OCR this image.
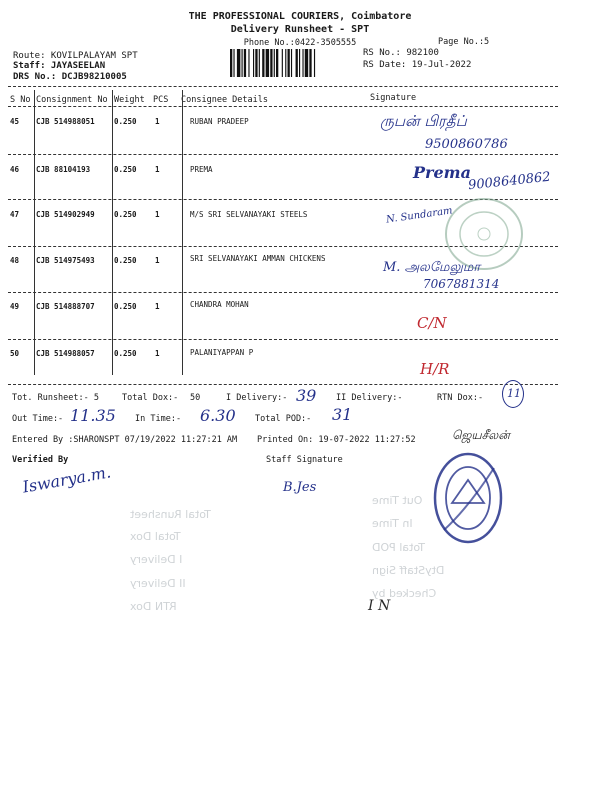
THE PROFESSIONAL COURIERS, Coimbatore
Delivery Runsheet - SPT
Phone No.:0422-3505555	Page No.:5
Route: KOVILPALAYAM SPT
Staff: JAYASEELAN
DRS No.: DCJB98210005
RS No.: 982100
RS Date: 19-Jul-2022
S No Consignment No Weight PCS Consignee Details	Signature
45 CJB 514988051	0.250 1	RUBAN PRADEEP	ருபன் பிரதீப்
9500860786
46 CJB 88104193	0.250 1	PREMA	Prema
9008640862
47 CJB 514902949	0.250 1	M/S SRI SELVANAYAKI STEELS	N. Sundaram
48 CJB 514975493	0.250 1	SRI SELVANAYAKI AMMAN CHICKENS
M. அலமேலுமா
7067881314
49 CJB 514888707	0.250 1	CHANDRA MOHAN
C/N
50 CJB 514988057	0.250 1	PALANIYAPPAN P
H/R
Tot. Runsheet:- 5	Total Dox:- 50	I Delivery:- 39 II Delivery:-	RTN Dox:- 11
Out Time:- 11.35 In Time:- 6.30 Total POD:- 31
Entered By :SHARONSPT 07/19/2022 11:27:21 AM Printed On: 19-07-2022 11:27:52	ஜெயசீலன்
Verified By	Staff Signature
Iswarya.m.	B.Jes
Total Runsheet
Total Dox
I Delivery
II Delivery
RTN Dox
Out Time
In Time
Total POD
DtyStaff Sign
Checked by
I N
